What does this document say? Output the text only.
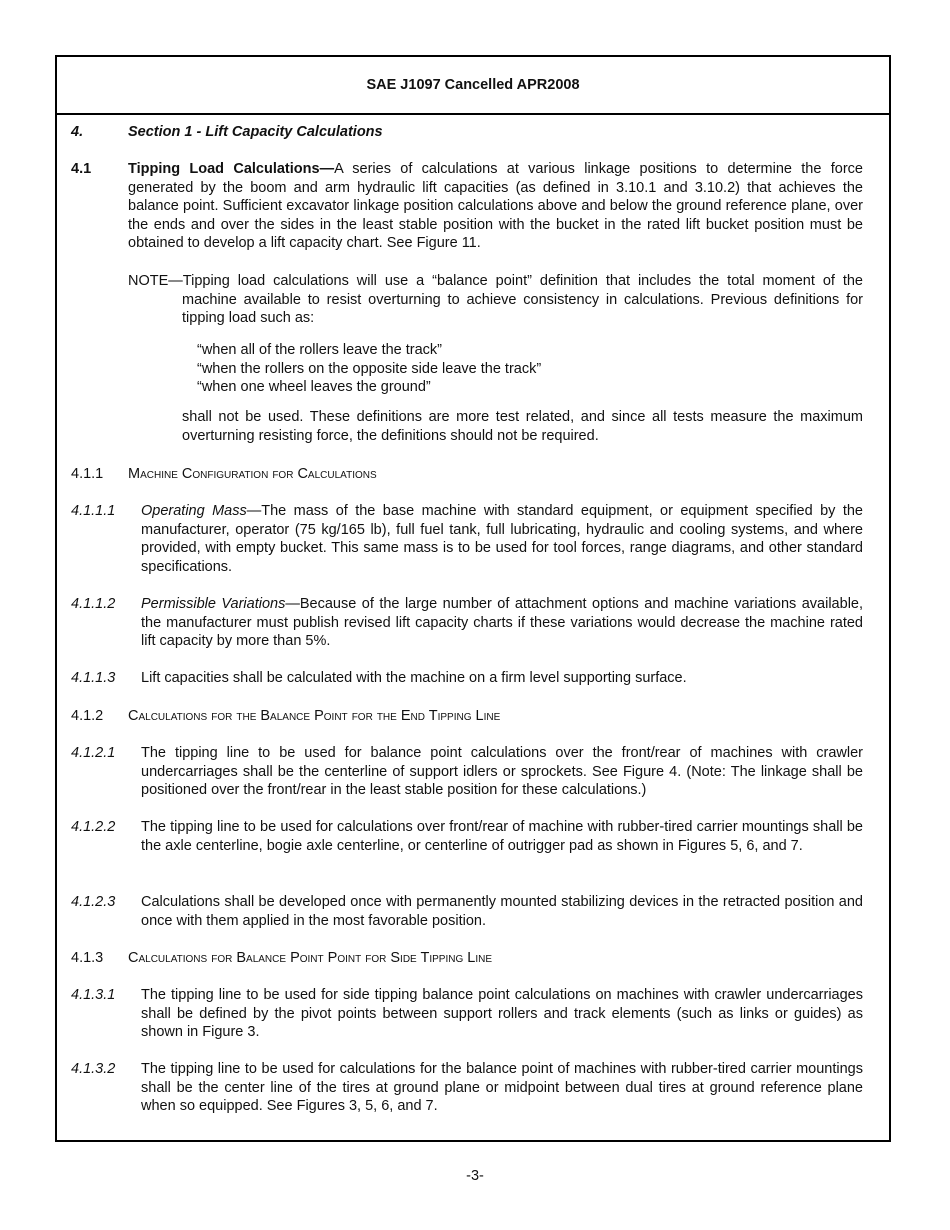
SAE J1097 Cancelled APR2008
4.	Section 1 - Lift Capacity Calculations
4.1	Tipping Load Calculations—A series of calculations at various linkage positions to determine the force generated by the boom and arm hydraulic lift capacities (as defined in 3.10.1 and 3.10.2) that achieves the balance point. Sufficient excavator linkage position calculations above and below the ground reference plane, over the ends and over the sides in the least stable position with the bucket in the rated lift bucket position must be obtained to develop a lift capacity chart. See Figure 11.
NOTE—Tipping load calculations will use a “balance point” definition that includes the total moment of the machine available to resist overturning to achieve consistency in calculations. Previous definitions for tipping load such as:
“when all of the rollers leave the track”
“when the rollers on the opposite side leave the track”
“when one wheel leaves the ground”
shall not be used. These definitions are more test related, and since all tests measure the maximum overturning resisting force, the definitions should not be required.
4.1.1 Machine Configuration for Calculations
4.1.1.1	Operating Mass—The mass of the base machine with standard equipment, or equipment specified by the manufacturer, operator (75 kg/165 lb), full fuel tank, full lubricating, hydraulic and cooling systems, and where provided, with empty bucket. This same mass is to be used for tool forces, range diagrams, and other standard specifications.
4.1.1.2	Permissible Variations—Because of the large number of attachment options and machine variations available, the manufacturer must publish revised lift capacity charts if these variations would decrease the machine rated lift capacity by more than 5%.
4.1.1.3	Lift capacities shall be calculated with the machine on a firm level supporting surface.
4.1.2 Calculations for the Balance Point for the End Tipping Line
4.1.2.1	The tipping line to be used for balance point calculations over the front/rear of machines with crawler undercarriages shall be the centerline of support idlers or sprockets. See Figure 4. (Note: The linkage shall be positioned over the front/rear in the least stable position for these calculations.)
4.1.2.2	The tipping line to be used for calculations over front/rear of machine with rubber-tired carrier mountings shall be the axle centerline, bogie axle centerline, or centerline of outrigger pad as shown in Figures 5, 6, and 7.
4.1.2.3	Calculations shall be developed once with permanently mounted stabilizing devices in the retracted position and once with them applied in the most favorable position.
4.1.3 Calculations for Balance Point Point for Side Tipping Line
4.1.3.1	The tipping line to be used for side tipping balance point calculations on machines with crawler undercarriages shall be defined by the pivot points between support rollers and track elements (such as links or guides) as shown in Figure 3.
4.1.3.2	The tipping line to be used for calculations for the balance point of machines with rubber-tired carrier mountings shall be the center line of the tires at ground plane or midpoint between dual tires at ground reference plane when so equipped. See Figures 3, 5, 6, and 7.
-3-
